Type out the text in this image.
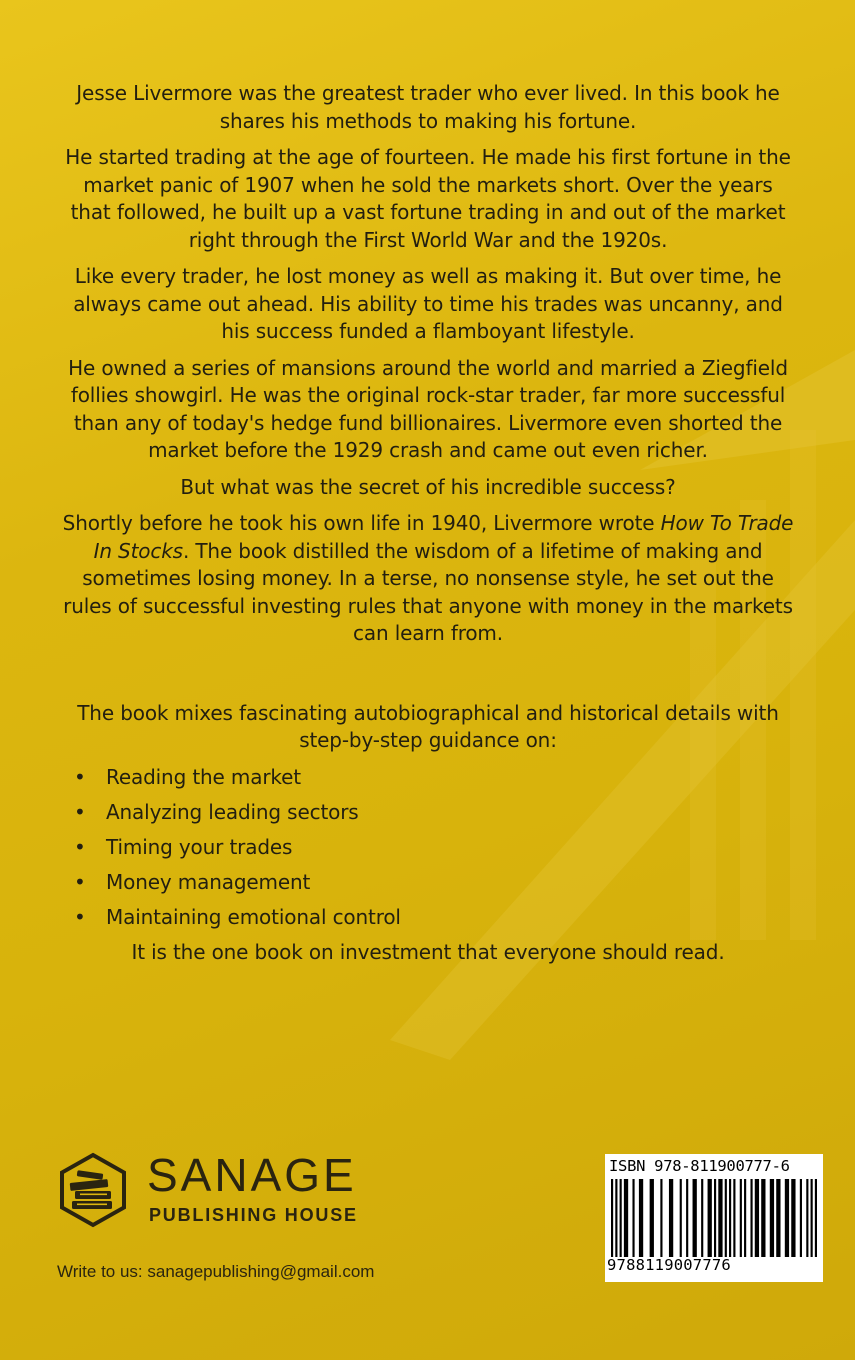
Jesse Livermore was the greatest trader who ever lived. In this book he shares his methods to making his fortune.

He started trading at the age of fourteen. He made his first fortune in the market panic of 1907 when he sold the markets short. Over the years that followed, he built up a vast fortune trading in and out of the market right through the First World War and the 1920s.

Like every trader, he lost money as well as making it. But over time, he always came out ahead. His ability to time his trades was uncanny, and his success funded a flamboyant lifestyle.

He owned a series of mansions around the world and married a Ziegfield follies showgirl. He was the original rock-star trader, far more successful than any of today's hedge fund billionaires. Livermore even shorted the market before the 1929 crash and came out even richer.

But what was the secret of his incredible success?

Shortly before he took his own life in 1940, Livermore wrote How To Trade In Stocks. The book distilled the wisdom of a lifetime of making and sometimes losing money. In a terse, no nonsense style, he set out the rules of successful investing rules that anyone with money in the markets can learn from.

The book mixes fascinating autobiographical and historical details with step-by-step guidance on:

• Reading the market
• Analyzing leading sectors
• Timing your trades
• Money management
• Maintaining emotional control

It is the one book on investment that everyone should read.

SANAGE
PUBLISHING HOUSE
Write to us: sanagepublishing@gmail.com
ISBN 978-811900777-6
9788119007776
